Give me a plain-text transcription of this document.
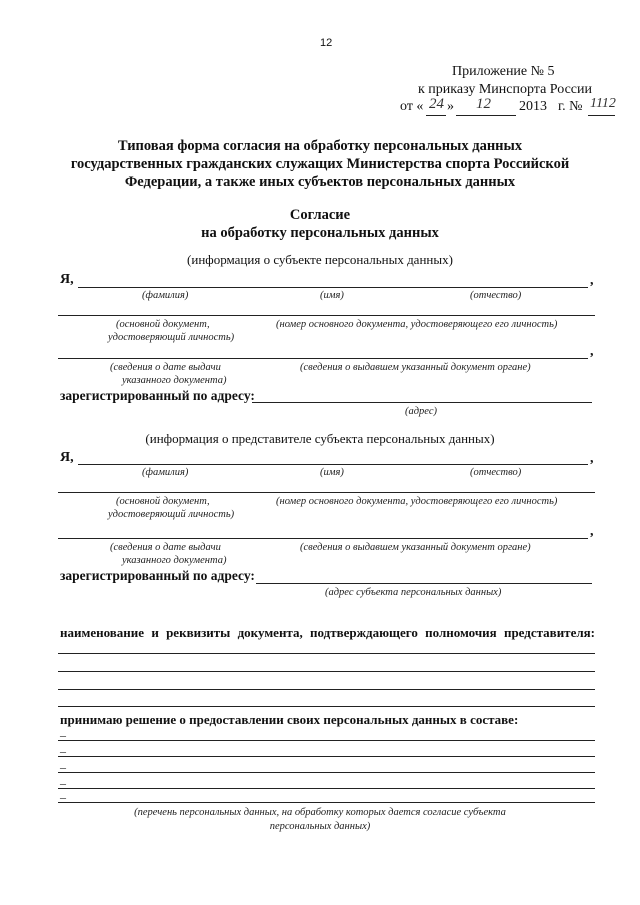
12
Приложение № 5
к приказу Минспорта России
от « 24 » 12 2013 г. № 1112
Типовая форма согласия на обработку персональных данных
государственных гражданских служащих Министерства спорта Российской
Федерации, а также иных субъектов персональных данных
Согласие
на обработку персональных данных
(информация о субъекте персональных данных)
Я,	,
(фамилия)	(имя)	(отчество)
(основной документ,
удостоверяющий личность)
(номер основного документа, удостоверяющего его личность)
,
(сведения о дате выдачи
указанного документа)
(сведения о выдавшем указанный документ органе)
зарегистрированный по адресу:
(адрес)
(информация о представителе субъекта персональных данных)
Я,	,
(фамилия)	(имя)	(отчество)
(основной документ,
удостоверяющий личность)
(номер основного документа, удостоверяющего его личность)
,
(сведения о дате выдачи
указанного документа)
(сведения о выдавшем указанный документ органе)
зарегистрированный по адресу:
(адрес субъекта персональных данных)
наименование и реквизиты документа, подтверждающего полномочия представителя:
принимаю решение о предоставлении своих персональных данных в составе:
–
–
–
–
–
(перечень персональных данных, на обработку которых дается согласие субъекта
персональных данных)
